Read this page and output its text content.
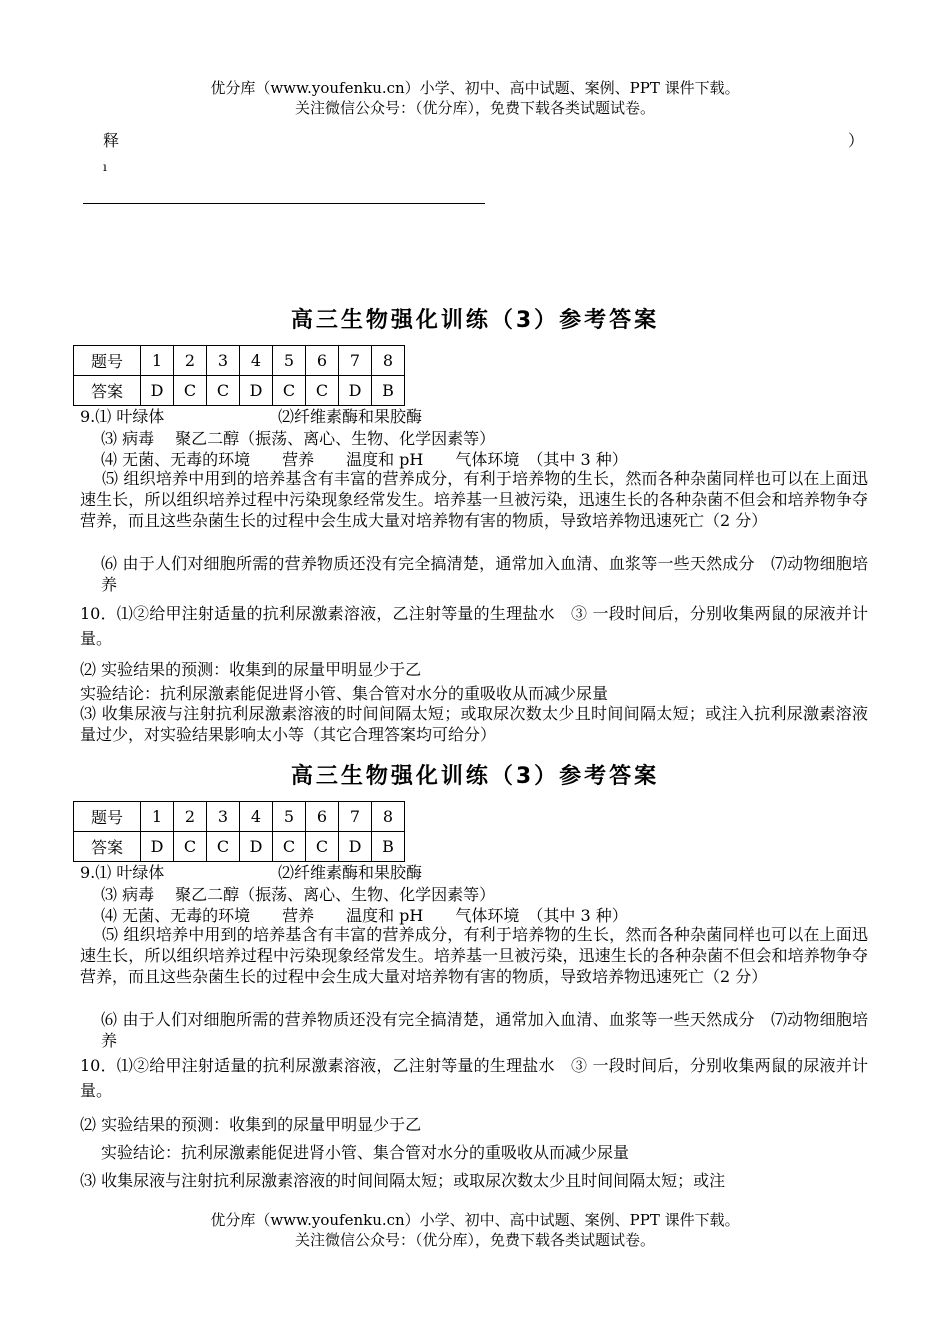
优分库（www.youfenku.cn）小学、初中、高中试题、案例、PPT 课件下载。
关注微信公众号：（优分库），免费下载各类试题试卷。
释	）
ı
高三生物强化训练（3）参考答案
题号	1	2	3	4	5	6	7	8
答案	D	C	C	D	C	C	D	B
9.⑴ 叶绿体	⑵纤维素酶和果胶酶
⑶ 病毒　 聚乙二醇（振荡、离心、生物、化学因素等）
⑷ 无菌、无毒的环境　　营养　　温度和 pH　　气体环境　（其中 3 种）
⑸ 组织培养中用到的培养基含有丰富的营养成分，有利于培养物的生长，然而各种杂菌同样也可以在上面迅速生长，所以组织培养过程中污染现象经常发生。培养基一旦被污染，迅速生长的各种杂菌不但会和培养物争夺营养，而且这些杂菌生长的过程中会生成大量对培养物有害的物质，导致培养物迅速死亡（2 分）
⑹ 由于人们对细胞所需的营养物质还没有完全搞清楚，通常加入血清、血浆等一些天然成分　⑺动物细胞培养
10．⑴②给甲注射适量的抗利尿激素溶液，乙注射等量的生理盐水　③ 一段时间后，分别收集两鼠的尿液并计量。
⑵ 实验结果的预测：收集到的尿量甲明显少于乙
实验结论：抗利尿激素能促进肾小管、集合管对水分的重吸收从而减少尿量
⑶ 收集尿液与注射抗利尿激素溶液的时间间隔太短；或取尿次数太少且时间间隔太短；或注入抗利尿激素溶液量过少，对实验结果影响太小等（其它合理答案均可给分）
高三生物强化训练（3）参考答案
题号	1	2	3	4	5	6	7	8
答案	D	C	C	D	C	C	D	B
9.⑴ 叶绿体	⑵纤维素酶和果胶酶
⑶ 病毒　 聚乙二醇（振荡、离心、生物、化学因素等）
⑷ 无菌、无毒的环境　　营养　　温度和 pH　　气体环境　（其中 3 种）
⑸ 组织培养中用到的培养基含有丰富的营养成分，有利于培养物的生长，然而各种杂菌同样也可以在上面迅速生长，所以组织培养过程中污染现象经常发生。培养基一旦被污染，迅速生长的各种杂菌不但会和培养物争夺营养，而且这些杂菌生长的过程中会生成大量对培养物有害的物质，导致培养物迅速死亡（2 分）
⑹ 由于人们对细胞所需的营养物质还没有完全搞清楚，通常加入血清、血浆等一些天然成分　⑺动物细胞培养
10．⑴②给甲注射适量的抗利尿激素溶液，乙注射等量的生理盐水　③ 一段时间后，分别收集两鼠的尿液并计量。
⑵ 实验结果的预测：收集到的尿量甲明显少于乙
实验结论：抗利尿激素能促进肾小管、集合管对水分的重吸收从而减少尿量
⑶ 收集尿液与注射抗利尿激素溶液的时间间隔太短；或取尿次数太少且时间间隔太短；或注
优分库（www.youfenku.cn）小学、初中、高中试题、案例、PPT 课件下载。
关注微信公众号：（优分库），免费下载各类试题试卷。
